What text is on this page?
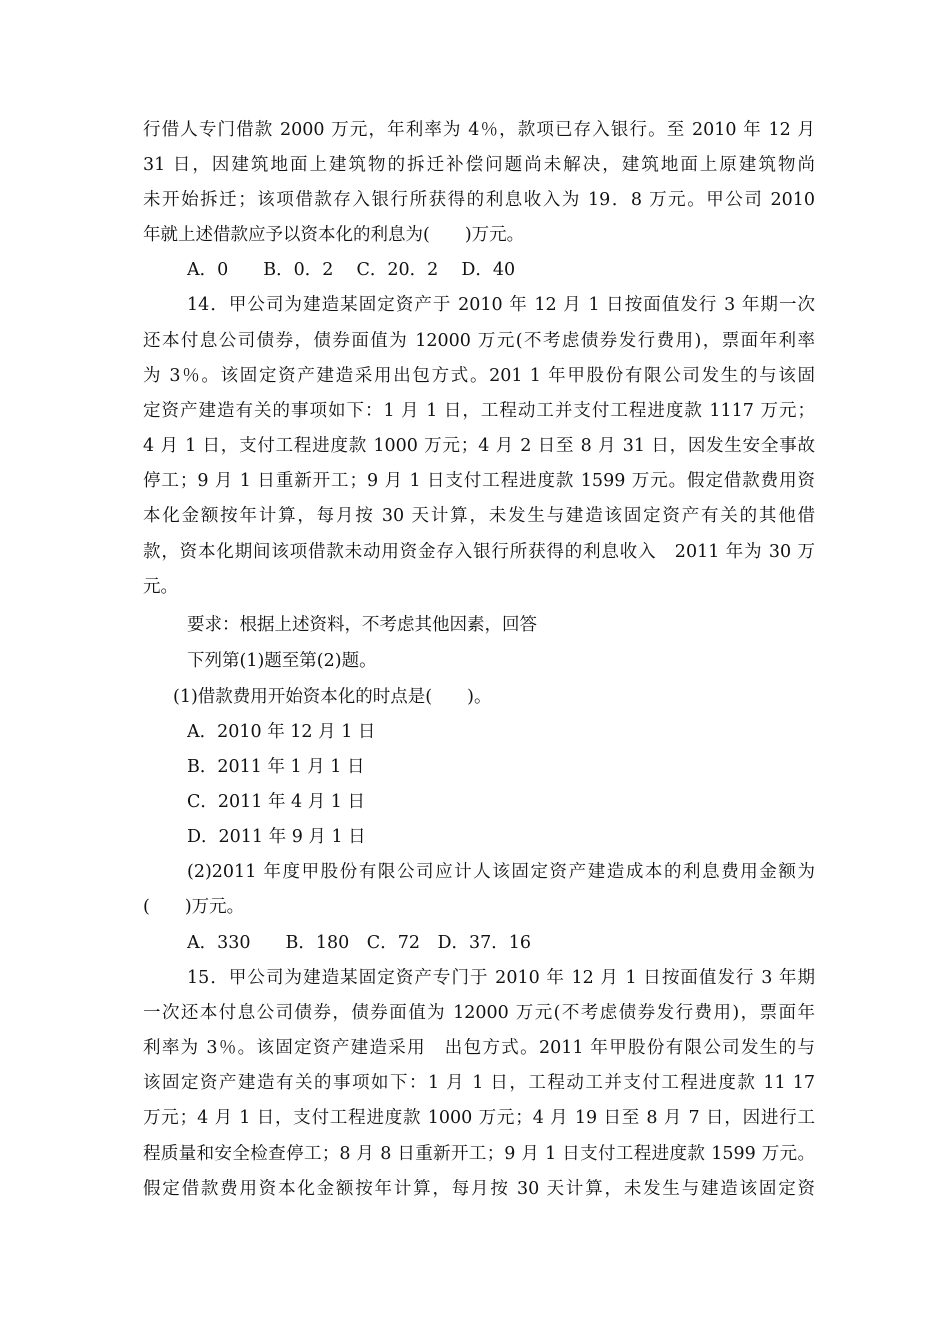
行借人专门借款 2000 万元，年利率为 4％，款项已存入银行。至 2010 年 12 月
31 日，因建筑地面上建筑物的拆迁补偿问题尚未解决，建筑地面上原建筑物尚
未开始拆迁；该项借款存入银行所获得的利息收入为 19．8 万元。甲公司 2010
年就上述借款应予以资本化的利息为(　　)万元。
A．0　　B．0．2　 C．20．2　 D．40
14．甲公司为建造某固定资产于 2010 年 12 月 1 日按面值发行 3 年期一次
还本付息公司债券，债券面值为 12000 万元(不考虑债券发行费用)，票面年利率
为 3％。该固定资产建造采用出包方式。201 1 年甲股份有限公司发生的与该固
定资产建造有关的事项如下：1 月 1 日，工程动工并支付工程进度款 1117 万元；
4 月 1 日，支付工程进度款 1000 万元；4 月 2 日至 8 月 31 日，因发生安全事故
停工；9 月 1 日重新开工；9 月 1 日支付工程进度款 1599 万元。假定借款费用资
本化金额按年计算，每月按 30 天计算，未发生与建造该固定资产有关的其他借
款，资本化期间该项借款未动用资金存入银行所获得的利息收入　2011 年为 30 万
元。
要求：根据上述资料，不考虑其他因素，回答
下列第(1)题至第(2)题。
(1)借款费用开始资本化的时点是(　　)。
A．2010 年 12 月 1 日
B．2011 年 1 月 1 日
C．2011 年 4 月 1 日
D．2011 年 9 月 1 日
(2)2011 年度甲股份有限公司应计人该固定资产建造成本的利息费用金额为
(　　)万元。
A．330　　B．180　C．72　D．37．16
15．甲公司为建造某固定资产专门于 2010 年 12 月 1 日按面值发行 3 年期
一次还本付息公司债券，债券面值为 12000 万元(不考虑债券发行费用)，票面年
利率为 3％。该固定资产建造采用　出包方式。2011 年甲股份有限公司发生的与
该固定资产建造有关的事项如下：1 月 1 日，工程动工并支付工程进度款 11 17
万元；4 月 1 日，支付工程进度款 1000 万元；4 月 19 日至 8 月 7 日，因进行工
程质量和安全检查停工；8 月 8 日重新开工；9 月 1 日支付工程进度款 1599 万元。
假定借款费用资本化金额按年计算，每月按 30 天计算，未发生与建造该固定资
